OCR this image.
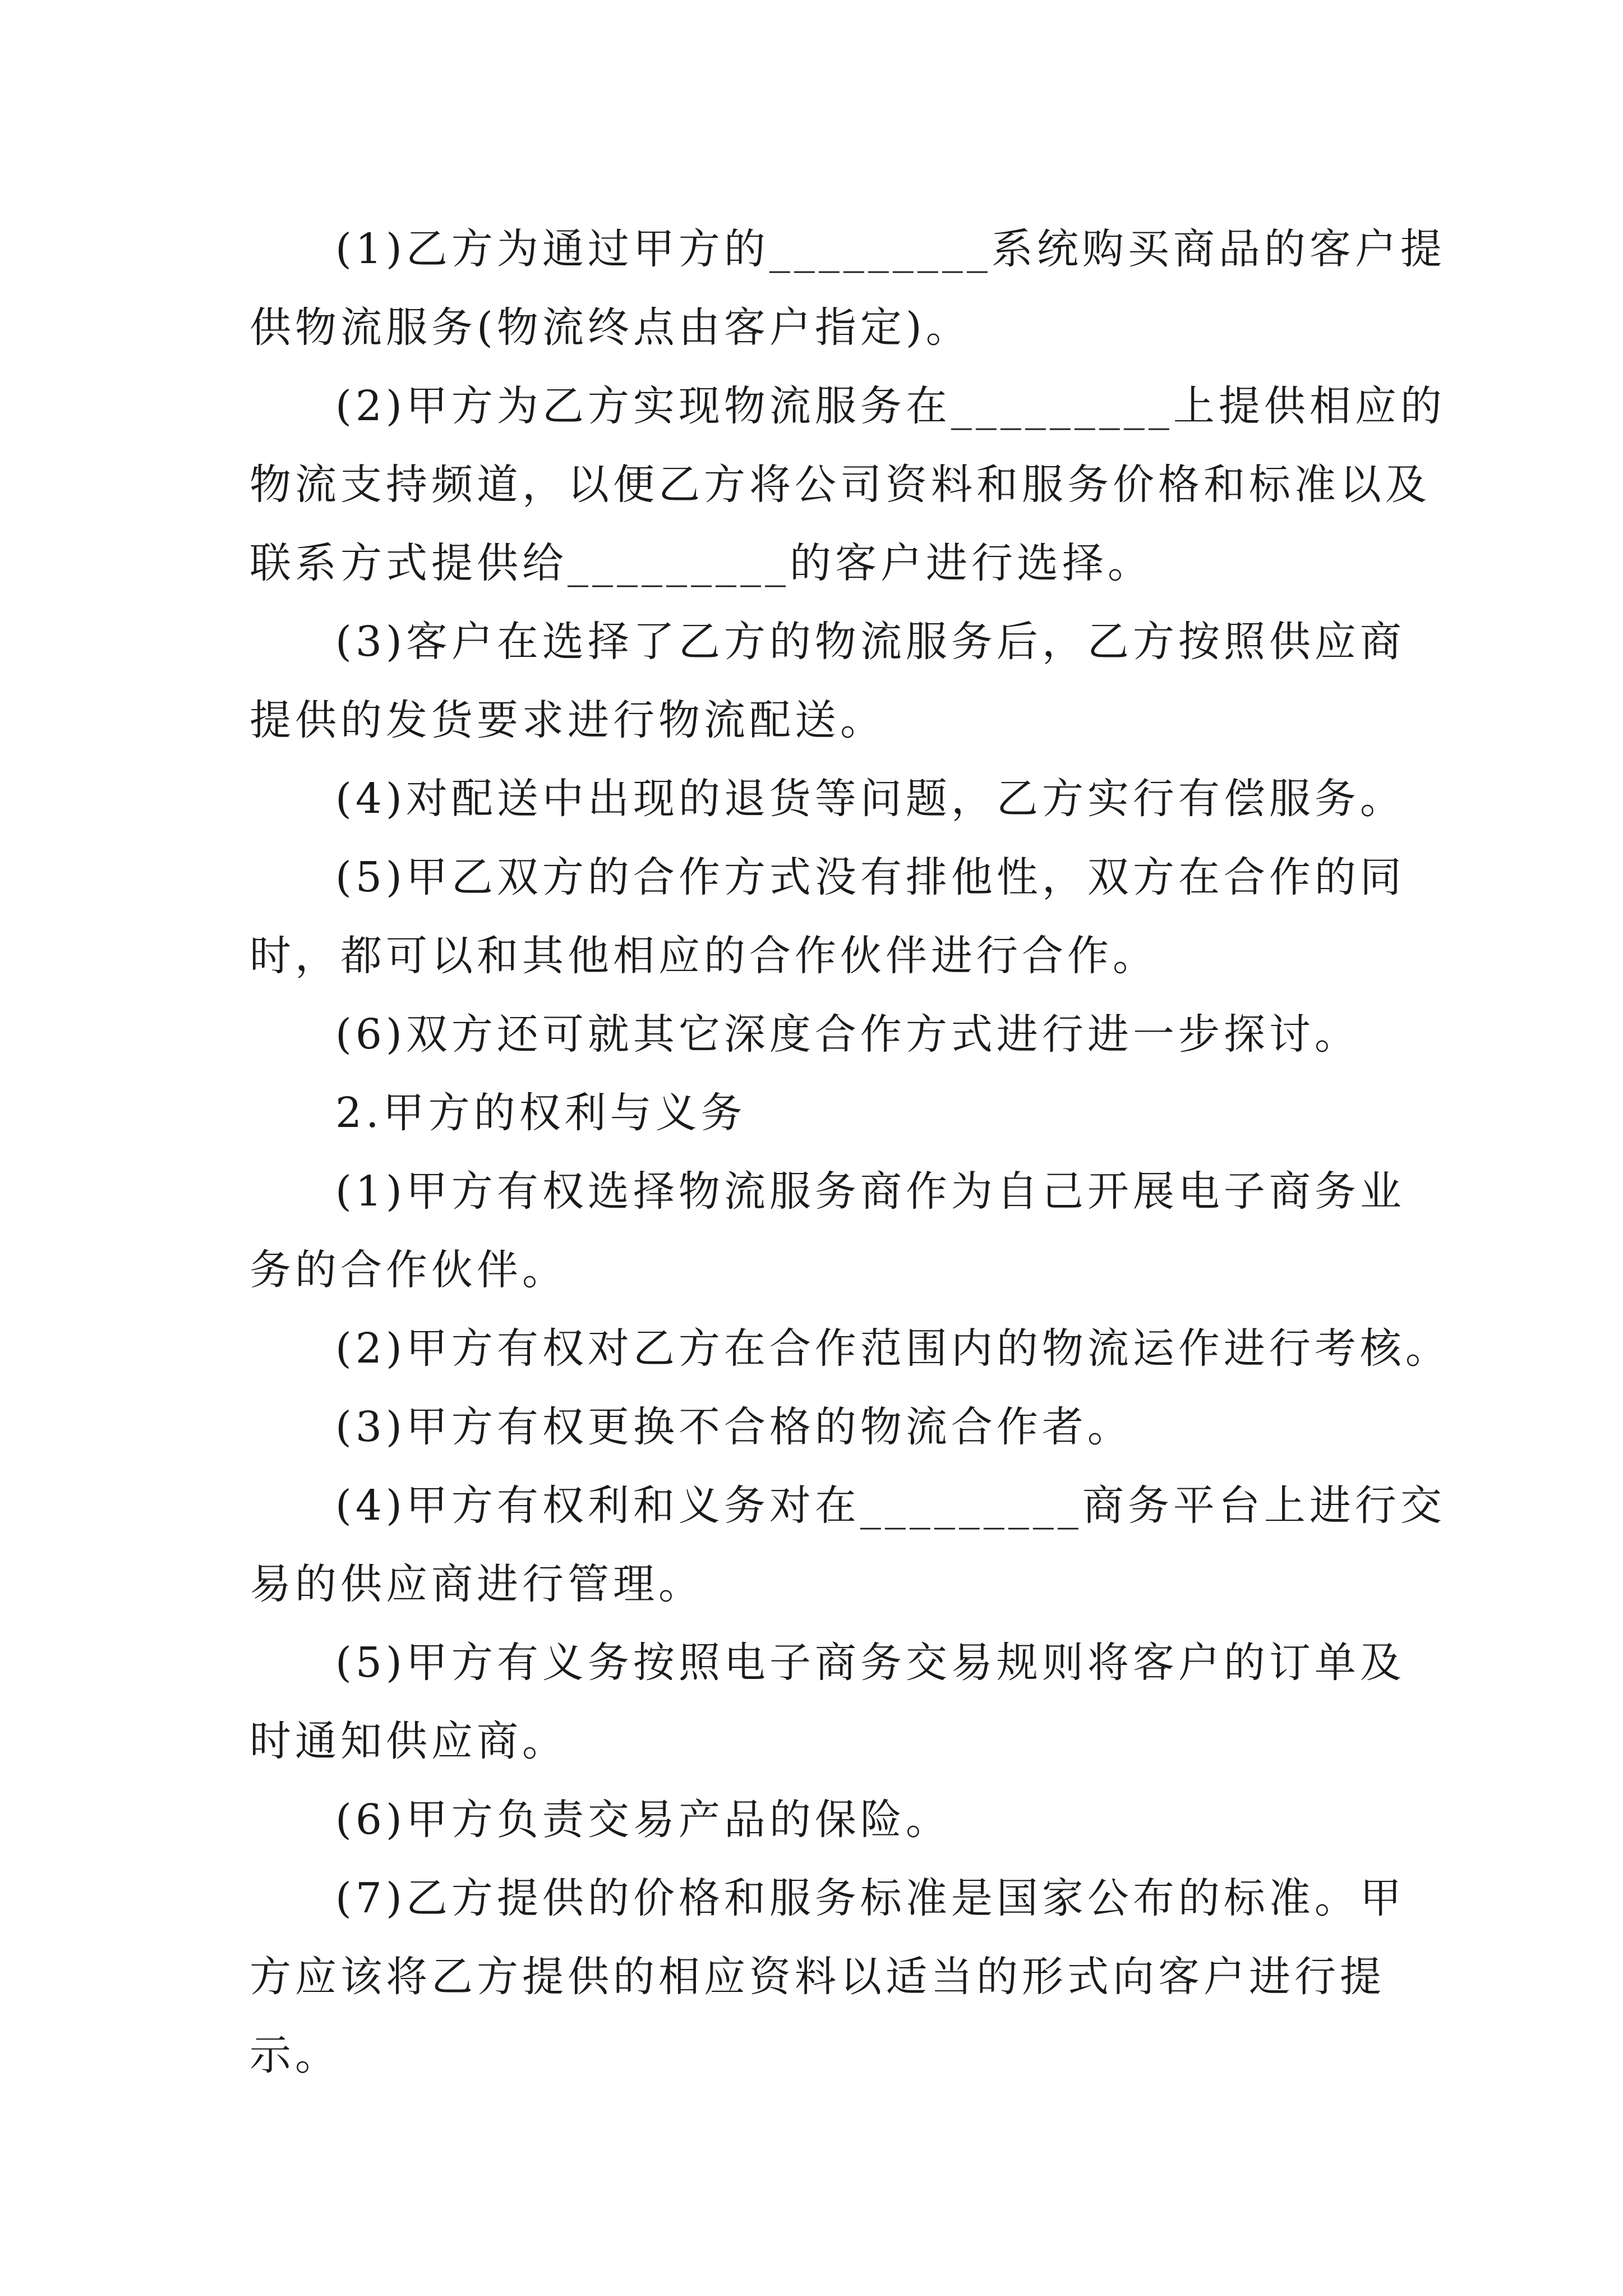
(1)乙方为通过甲方的_________系统购买商品的客户提
供物流服务(物流终点由客户指定)。
(2)甲方为乙方实现物流服务在_________上提供相应的
物流支持频道，以便乙方将公司资料和服务价格和标准以及
联系方式提供给_________的客户进行选择。
(3)客户在选择了乙方的物流服务后，乙方按照供应商
提供的发货要求进行物流配送。
(4)对配送中出现的退货等问题，乙方实行有偿服务。
(5)甲乙双方的合作方式没有排他性，双方在合作的同
时，都可以和其他相应的合作伙伴进行合作。
(6)双方还可就其它深度合作方式进行进一步探讨。
2.甲方的权利与义务
(1)甲方有权选择物流服务商作为自己开展电子商务业
务的合作伙伴。
(2)甲方有权对乙方在合作范围内的物流运作进行考核。
(3)甲方有权更换不合格的物流合作者。
(4)甲方有权利和义务对在_________商务平台上进行交
易的供应商进行管理。
(5)甲方有义务按照电子商务交易规则将客户的订单及
时通知供应商。
(6)甲方负责交易产品的保险。
(7)乙方提供的价格和服务标准是国家公布的标准。甲
方应该将乙方提供的相应资料以适当的形式向客户进行提
示。
